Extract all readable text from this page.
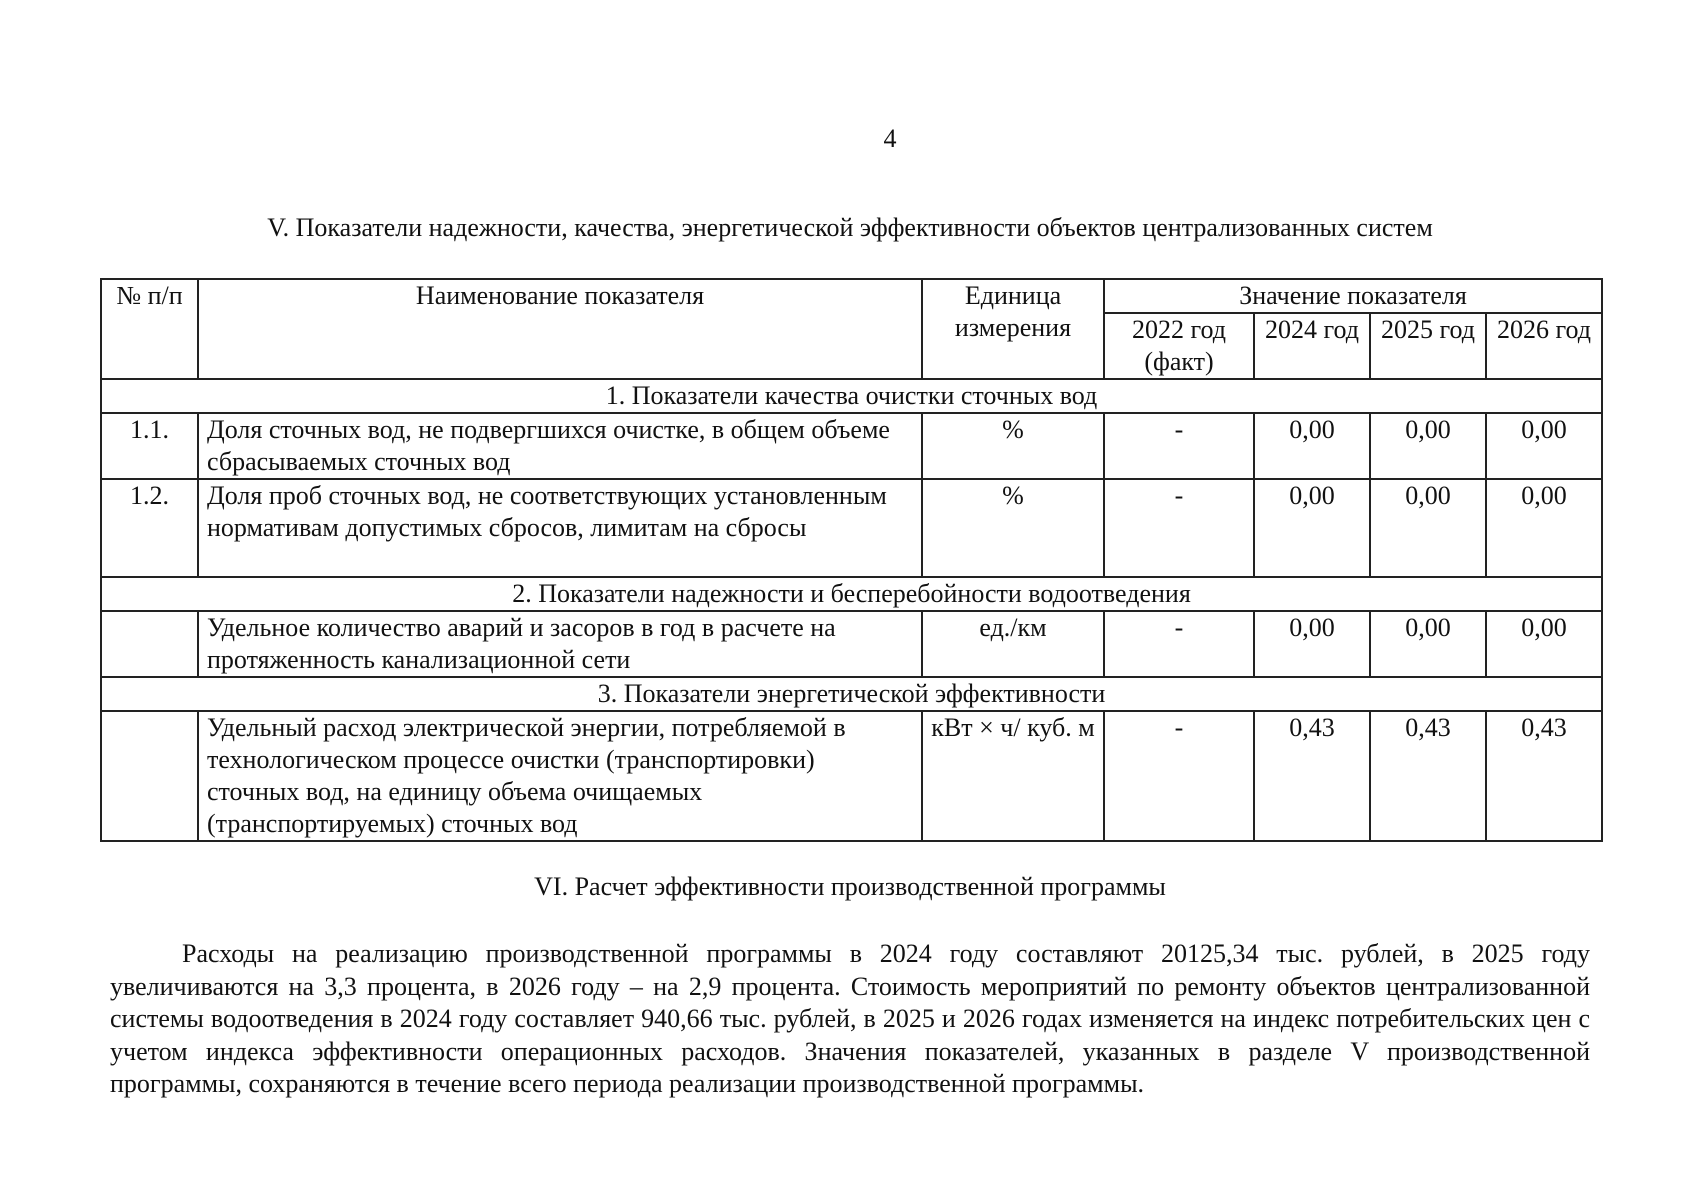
4
V. Показатели надежности, качества, энергетической эффективности объектов централизованных систем
№ п/п	Наименование показателя	Единица измерения	Значение показателя			
			2022 год (факт)	2024 год	2025 год	2026 год
1. Показатели качества очистки сточных вод						
1.1.	Доля сточных вод, не подвергшихся очистке, в общем объеме сбрасываемых сточных вод	%	-	0,00	0,00	0,00
1.2.	Доля проб сточных вод, не соответствующих установленным нормативам допустимых сбросов, лимитам на сбросы	%	-	0,00	0,00	0,00
2. Показатели надежности и бесперебойности водоотведения						
	Удельное количество аварий и засоров в год в расчете на протяженность канализационной сети	ед./км	-	0,00	0,00	0,00
3. Показатели энергетической эффективности						
	Удельный расход электрической энергии, потребляемой в технологическом процессе очистки (транспортировки) сточных вод, на единицу объема очищаемых (транспортируемых) сточных вод	кВт × ч/ куб. м	-	0,43	0,43	0,43
VI. Расчет эффективности производственной программы

Расходы на реализацию производственной программы в 2024 году составляют 20125,34 тыс. рублей, в 2025 году увеличиваются на 3,3 процента, в 2026 году – на 2,9 процента. Стоимость мероприятий по ремонту объектов централизованной системы водоотведения в 2024 году составляет 940,66 тыс. рублей, в 2025 и 2026 годах изменяется на индекс потребительских цен с учетом индекса эффективности операционных расходов. Значения показателей, указанных в разделе V производственной программы, сохраняются в течение всего периода реализации производственной программы.
